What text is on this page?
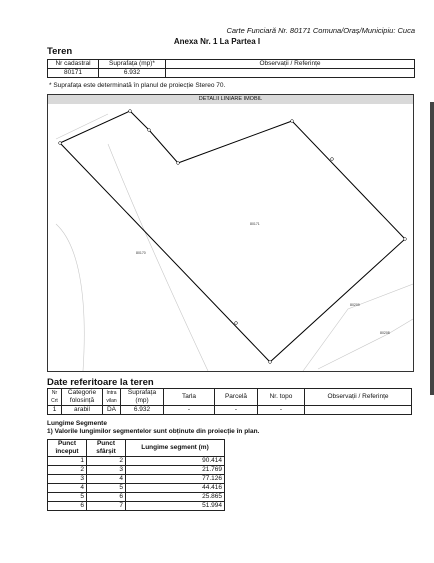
Carte Funciară Nr. 80171 Comuna/Oraș/Municipiu: Cuca
Anexa Nr. 1 La Partea I
Teren
Nr cadastral	Suprafața (mp)*	Observații / Referințe
80171	6.932	
* Suprafața este determinată în planul de proiecție Stereo 70.
DETALII LINIARE IMOBIL
80171
80170
80209
80208
Date referitoare la teren
Nr Crt	Categorie folosință	Intra vilan	Suprafața (mp)	Tarla	Parcelă	Nr. topo	Observații / Referințe
1	arabil	DA	6.932	-	-	-	
Lungime Segmente
1) Valorile lungimilor segmentelor sunt obținute din proiecție în plan.
Punct început	Punct sfârșit	Lungime segment (m)
1	2	90.414
2	3	21.769
3	4	77.126
4	5	44.416
5	6	25.865
6	7	51.994
